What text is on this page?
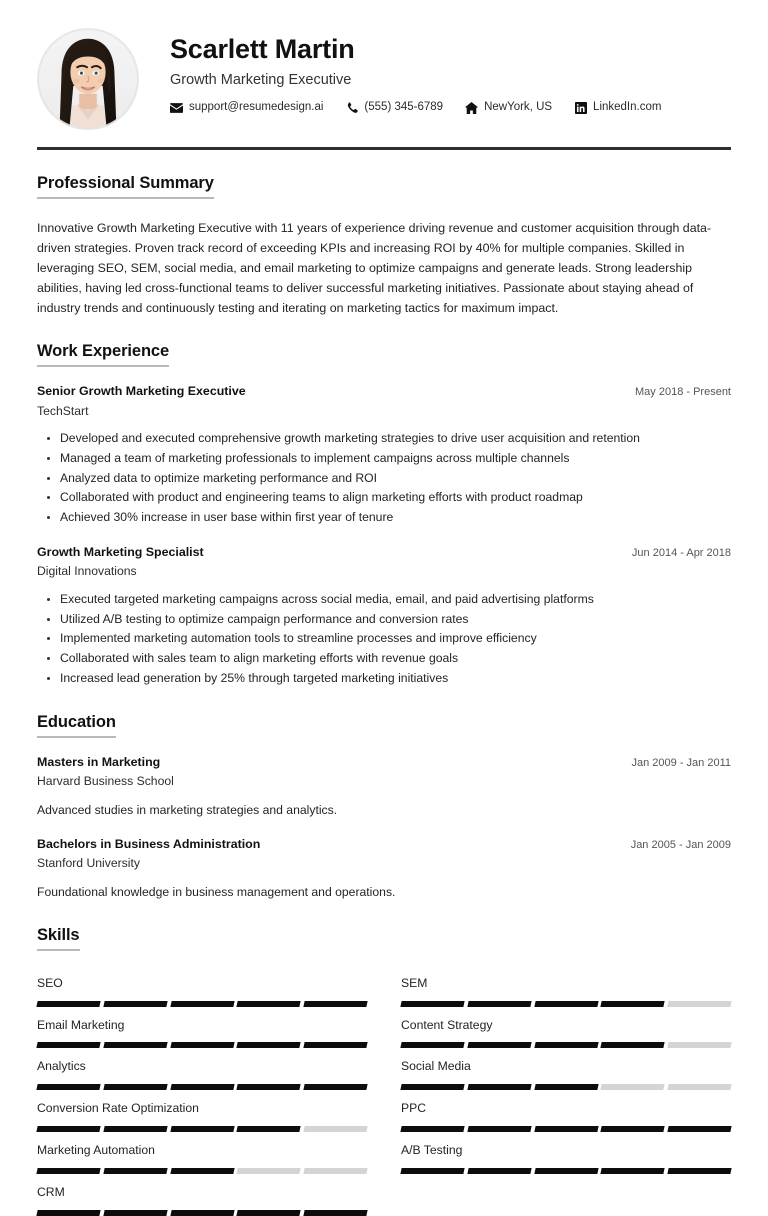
Scarlett Martin
Growth Marketing Executive
support@resumedesign.ai	(555) 345-6789	NewYork, US	LinkedIn.com
Professional Summary
Innovative Growth Marketing Executive with 11 years of experience driving revenue and customer acquisition through data-driven strategies. Proven track record of exceeding KPIs and increasing ROI by 40% for multiple companies. Skilled in leveraging SEO, SEM, social media, and email marketing to optimize campaigns and generate leads. Strong leadership abilities, having led cross-functional teams to deliver successful marketing initiatives. Passionate about staying ahead of industry trends and continuously testing and iterating on marketing tactics for maximum impact.
Work Experience
Senior Growth Marketing Executive	May 2018 - Present
TechStart
Developed and executed comprehensive growth marketing strategies to drive user acquisition and retention
Managed a team of marketing professionals to implement campaigns across multiple channels
Analyzed data to optimize marketing performance and ROI
Collaborated with product and engineering teams to align marketing efforts with product roadmap
Achieved 30% increase in user base within first year of tenure
Growth Marketing Specialist	Jun 2014 - Apr 2018
Digital Innovations
Executed targeted marketing campaigns across social media, email, and paid advertising platforms
Utilized A/B testing to optimize campaign performance and conversion rates
Implemented marketing automation tools to streamline processes and improve efficiency
Collaborated with sales team to align marketing efforts with revenue goals
Increased lead generation by 25% through targeted marketing initiatives
Education
Masters in Marketing	Jan 2009 - Jan 2011
Harvard Business School
Advanced studies in marketing strategies and analytics.
Bachelors in Business Administration	Jan 2005 - Jan 2009
Stanford University
Foundational knowledge in business management and operations.
Skills
SEO	SEM
Email Marketing	Content Strategy
Analytics	Social Media
Conversion Rate Optimization	PPC
Marketing Automation	A/B Testing
CRM
